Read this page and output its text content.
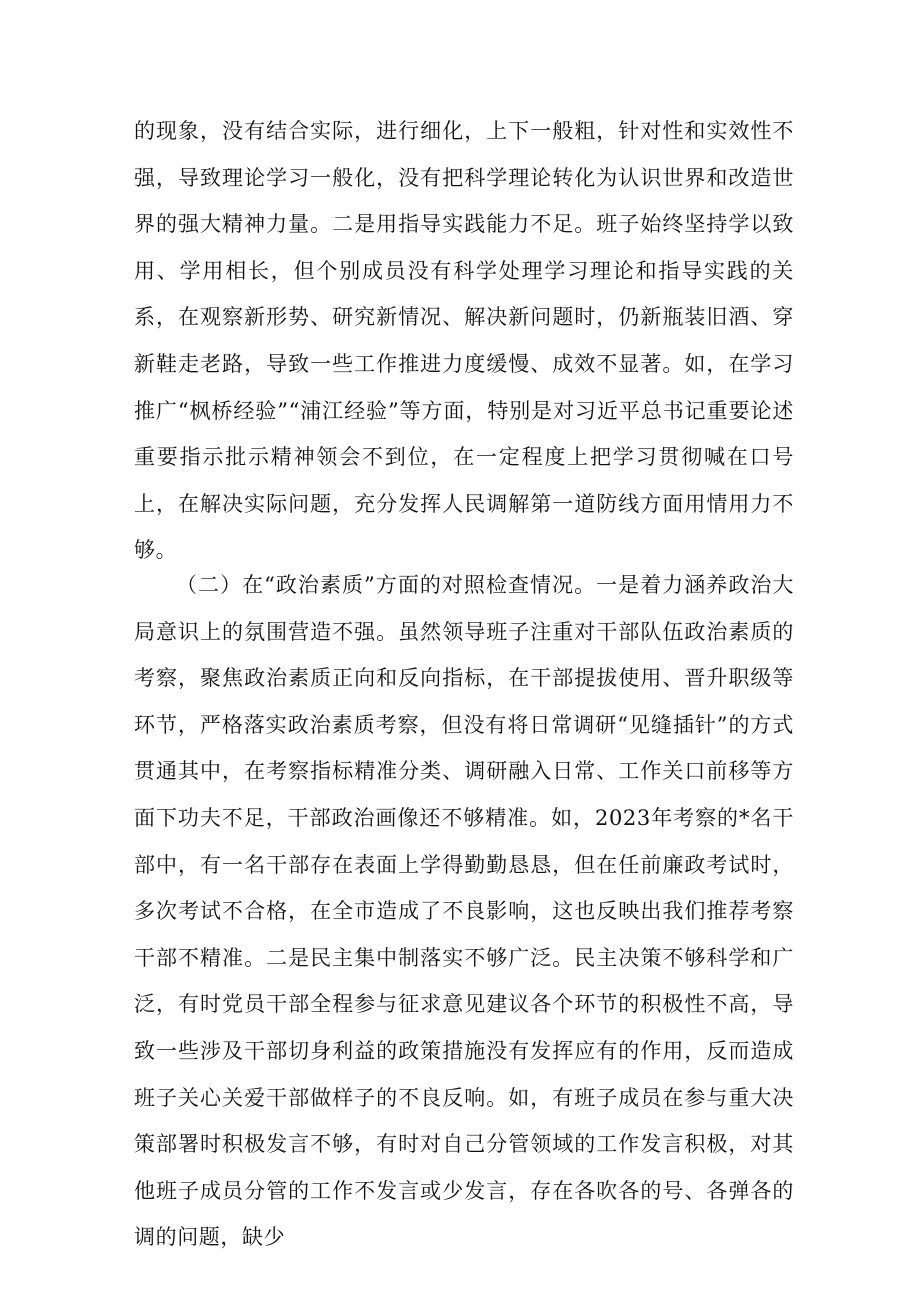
的现象，没有结合实际，进行细化，上下一般粗，针对性和实效性不强，导致理论学习一般化，没有把科学理论转化为认识世界和改造世界的强大精神力量。二是用指导实践能力不足。班子始终坚持学以致用、学用相长，但个别成员没有科学处理学习理论和指导实践的关系，在观察新形势、研究新情况、解决新问题时，仍新瓶装旧酒、穿新鞋走老路，导致一些工作推进力度缓慢、成效不显著。如，在学习推广“枫桥经验”“浦江经验”等方面，特别是对习近平总书记重要论述重要指示批示精神领会不到位，在一定程度上把学习贯彻喊在口号上，在解决实际问题，充分发挥人民调解第一道防线方面用情用力不够。

（二）在“政治素质”方面的对照检查情况。一是着力涵养政治大局意识上的氛围营造不强。虽然领导班子注重对干部队伍政治素质的考察，聚焦政治素质正向和反向指标，在干部提拔使用、晋升职级等环节，严格落实政治素质考察，但没有将日常调研“见缝插针”的方式贯通其中，在考察指标精准分类、调研融入日常、工作关口前移等方面下功夫不足，干部政治画像还不够精准。如，2023年考察的*名干部中，有一名干部存在表面上学得勤勤恳恳，但在任前廉政考试时，多次考试不合格，在全市造成了不良影响，这也反映出我们推荐考察干部不精准。二是民主集中制落实不够广泛。民主决策不够科学和广泛，有时党员干部全程参与征求意见建议各个环节的积极性不高，导致一些涉及干部切身利益的政策措施没有发挥应有的作用，反而造成班子关心关爱干部做样子的不良反响。如，有班子成员在参与重大决策部署时积极发言不够，有时对自己分管领域的工作发言积极，对其他班子成员分管的工作不发言或少发言，存在各吹各的号、各弹各的调的问题，缺少
